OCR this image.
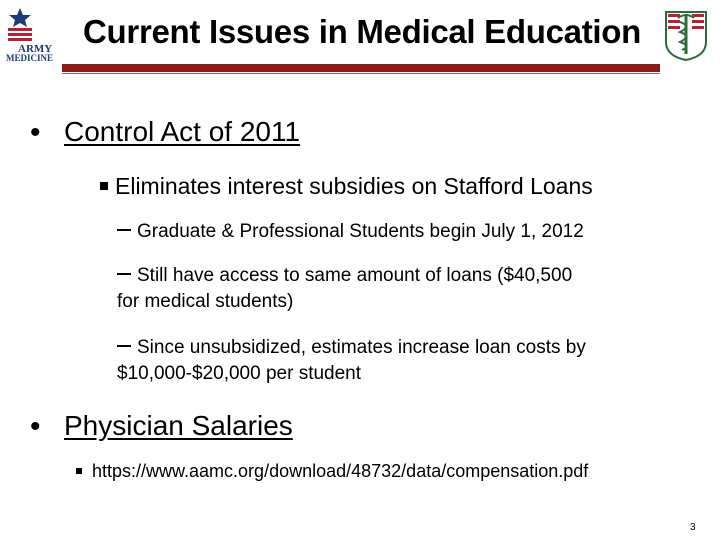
ARMY
MEDICINE
Current Issues in Medical Education
• Control Act of 2011
Eliminates interest subsidies on Stafford Loans
Graduate & Professional Students begin July 1, 2012
Still have access to same amount of loans ($40,500
for medical students)
Since unsubsidized, estimates increase loan costs by
$10,000-$20,000 per student
• Physician Salaries
https://www.aamc.org/download/48732/data/compensation.pdf
3
